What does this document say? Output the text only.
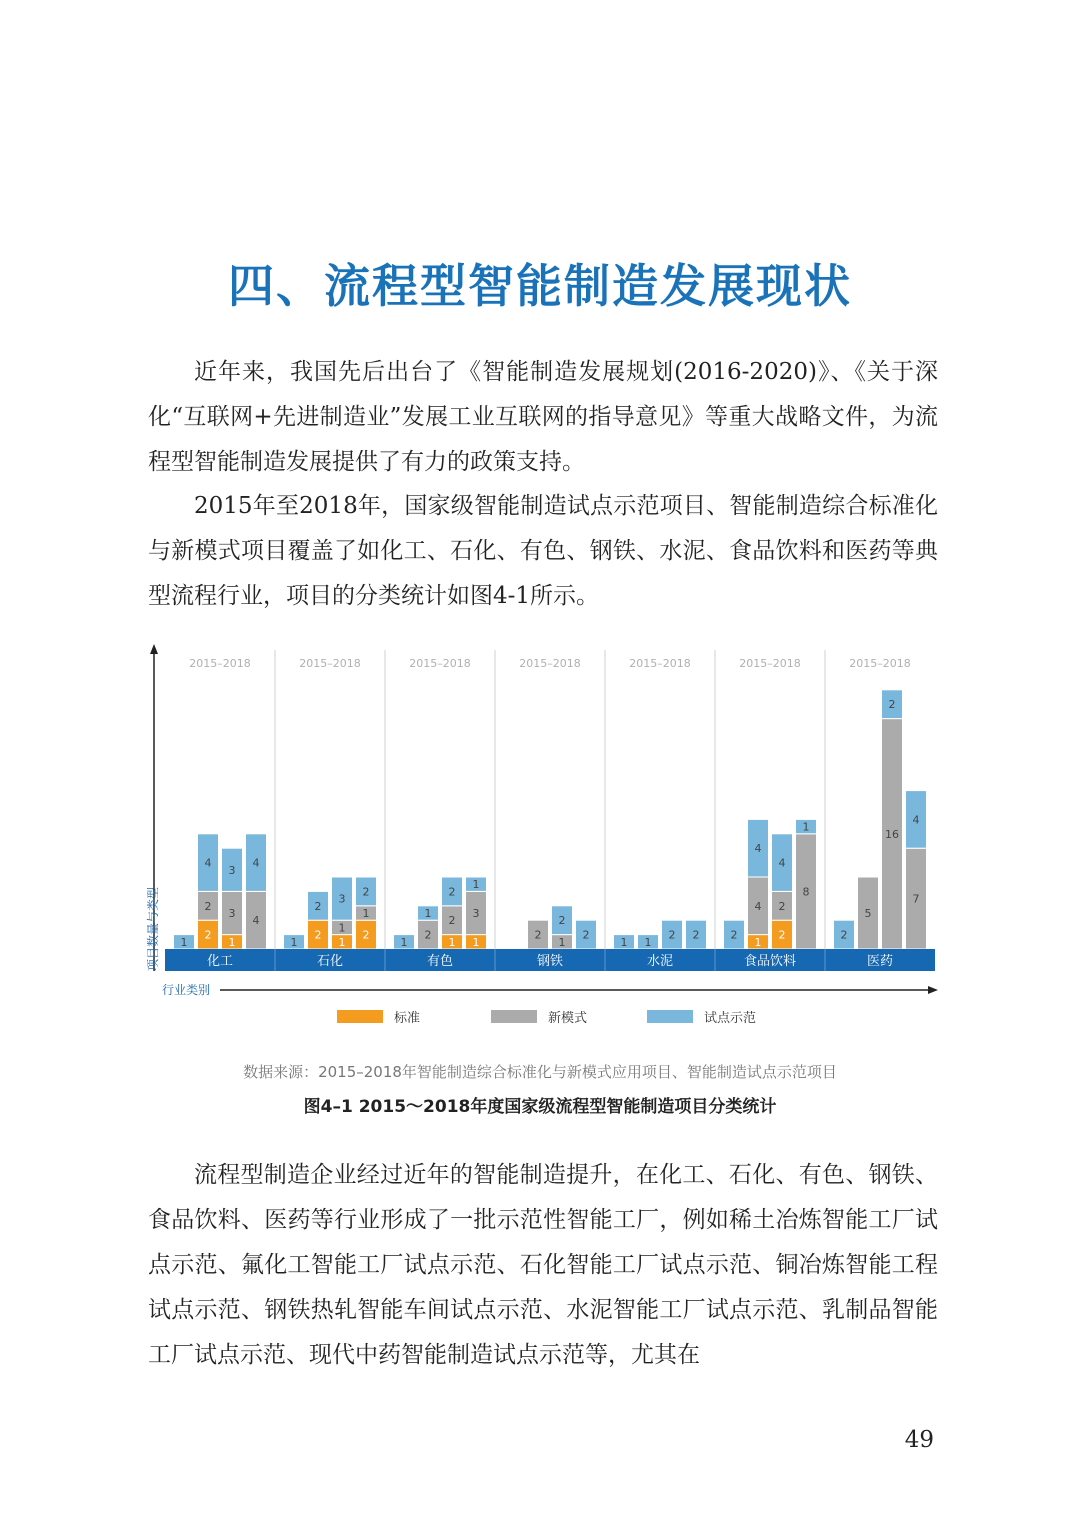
四、流程型智能制造发展现状

近年来，我国先后出台了《智能制造发展规划(2016-2020)》、《关于深化“互联网+先进制造业”发展工业互联网的指导意见》等重大战略文件，为流程型智能制造发展提供了有力的政策支持。

2015年至2018年，国家级智能制造试点示范项目、智能制造综合标准化与新模式项目覆盖了如化工、石化、有色、钢铁、水泥、食品饮料和医药等典型流程行业，项目的分类统计如图4-1所示。

2015–2018	2015–2018	2015–2018	2015–2018	2015–2018	2015–2018	2015–2018
1
2
2
4
1
3
3
4
4
1
2
2
1
1
3
2
1
2
1
2
1
1
2
2
1
3
1
2
1
2
2
1 1
2 2	2
1
4
4
2
2
4
8
1
2
5
16
2
7
4
化工	石化	有色	钢铁	水泥	食品饮料	医药
行业类别
项目数量与类型
标准	新模式	试点示范
数据来源：2015–2018年智能制造综合标准化与新模式应用项目、智能制造试点示范项目
图4–1 2015～2018年度国家级流程型智能制造项目分类统计

流程型制造企业经过近年的智能制造提升，在化工、石化、有色、钢铁、食品饮料、医药等行业形成了一批示范性智能工厂，例如稀土冶炼智能工厂试点示范、氟化工智能工厂试点示范、石化智能工厂试点示范、铜冶炼智能工程试点示范、钢铁热轧智能车间试点示范、水泥智能工厂试点示范、乳制品智能工厂试点示范、现代中药智能制造试点示范等，尤其在

49
